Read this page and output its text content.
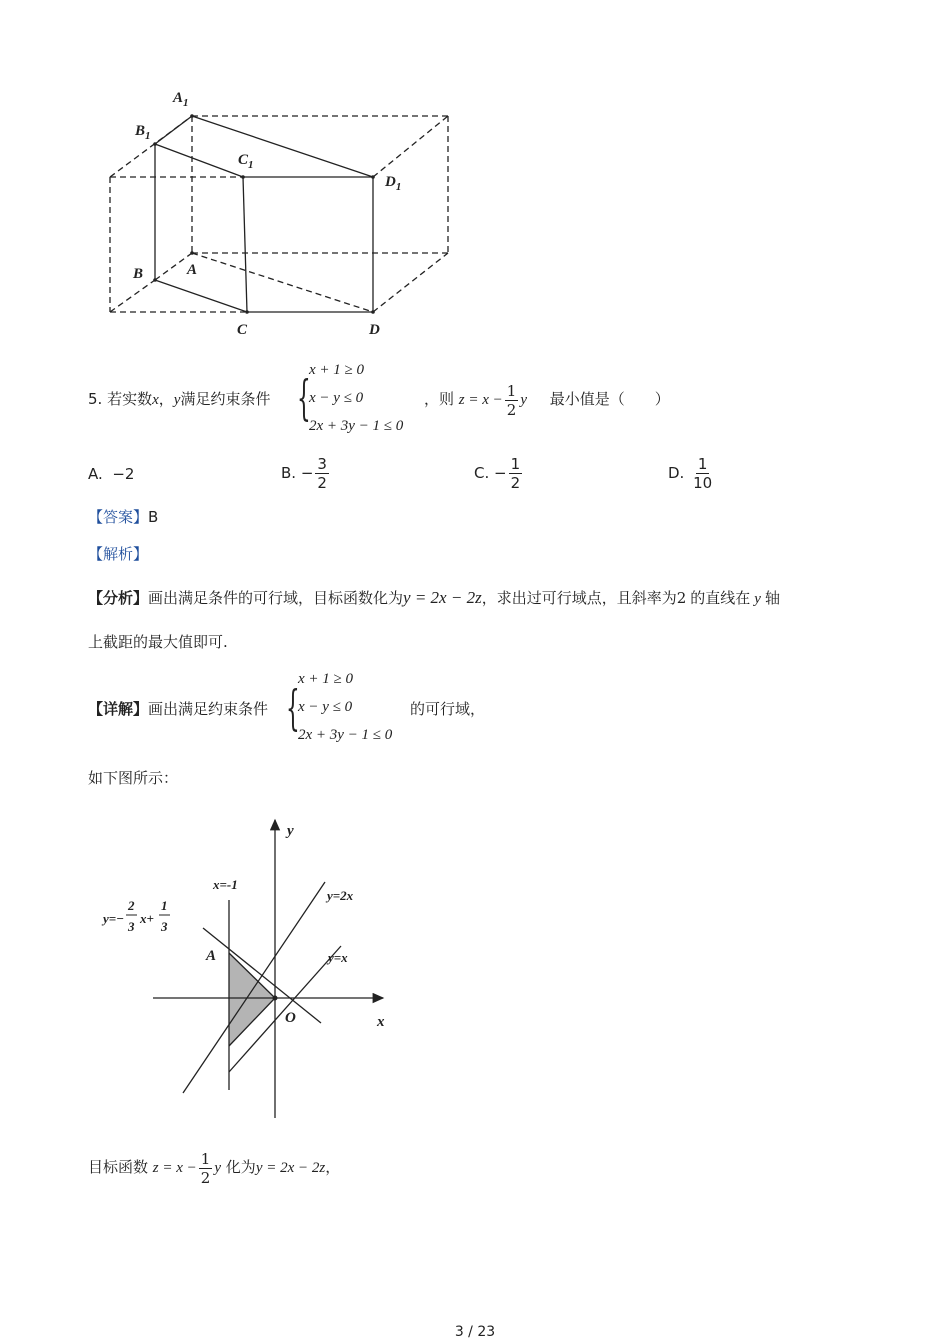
$A_1$
$B_1$
$C_1$
$D_1$
A
B
C	D
5. 若实数x，y满足约束条件 {
x + 1 ≥ 0
x − y ≤ 0
2x + 3y − 1 ≤ 0
，则 $z = x - \frac{1}{2}$ y 最小值是（　　）
A. −2	B. − $\frac{3}{2}$	C. − $\frac{1}{2}$	D. $\frac{1}{10}$
【答案】B
【解析】
【分析】画出满足条件的可行域，目标函数化为y = 2x − 2z，求出过可行域点，且斜率为2 的直线在 y 轴
上截距的最大值即可.
【详解】画出满足约束条件 {
x + 1 ≥ 0
x − y ≤ 0
2x + 3y − 1 ≤ 0
的可行域，
如下图所示：
y
x
O
A
x=-1
y=2x
y=x
y=−
2
3
x+
1
3
目标函数 $z = x - \frac{1}{2}$ y 化为y = 2x − 2z，
3 / 23
